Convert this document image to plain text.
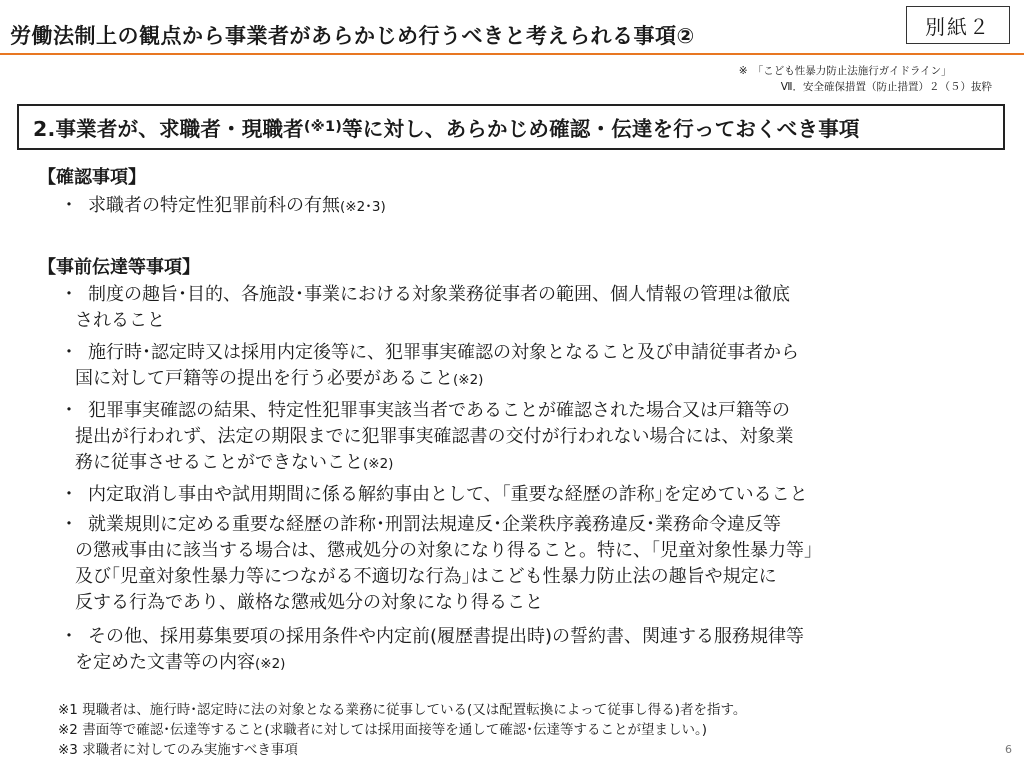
労働法制上の観点から事業者があらかじめ行うべきと考えられる事項②	別紙２
※　「こども性暴力防止法施行ガイドライン」
Ⅶ．安全確保措置（防止措置）２（５）抜粋
2.事業者が、求職者・現職者 (※1) 等に対し、あらかじめ確認・伝達を行っておくべき事項
【確認事項】
・ 求職者の特定性犯罪前科の有無(※2･3)
【事前伝達等事項】
・ 制度の趣旨･目的、各施設･事業における対象業務従事者の範囲、個人情報の管理は徹底
されること
・ 施行時･認定時又は採用内定後等に、犯罪事実確認の対象となること及び申請従事者から
国に対して戸籍等の提出を行う必要があること(※2)
・ 犯罪事実確認の結果、特定性犯罪事実該当者であることが確認された場合又は戸籍等の
提出が行われず、法定の期限までに犯罪事実確認書の交付が行われない場合には、対象業
務に従事させることができないこと(※2)
・ 内定取消し事由や試用期間に係る解約事由として、｢重要な経歴の詐称｣を定めていること
・ 就業規則に定める重要な経歴の詐称･刑罰法規違反･企業秩序義務違反･業務命令違反等
の懲戒事由に該当する場合は、懲戒処分の対象になり得ること。特に、｢児童対象性暴力等｣
及び｢児童対象性暴力等につながる不適切な行為｣はこども性暴力防止法の趣旨や規定に
反する行為であり、厳格な懲戒処分の対象になり得ること
・ その他、採用募集要項の採用条件や内定前(履歴書提出時)の誓約書、関連する服務規律等
を定めた文書等の内容(※2)
※1 現職者は、施行時･認定時に法の対象となる業務に従事している(又は配置転換によって従事し得る)者を指す。
※2 書面等で確認･伝達等すること(求職者に対しては採用面接等を通して確認･伝達等することが望ましい。)
※3 求職者に対してのみ実施すべき事項	6
